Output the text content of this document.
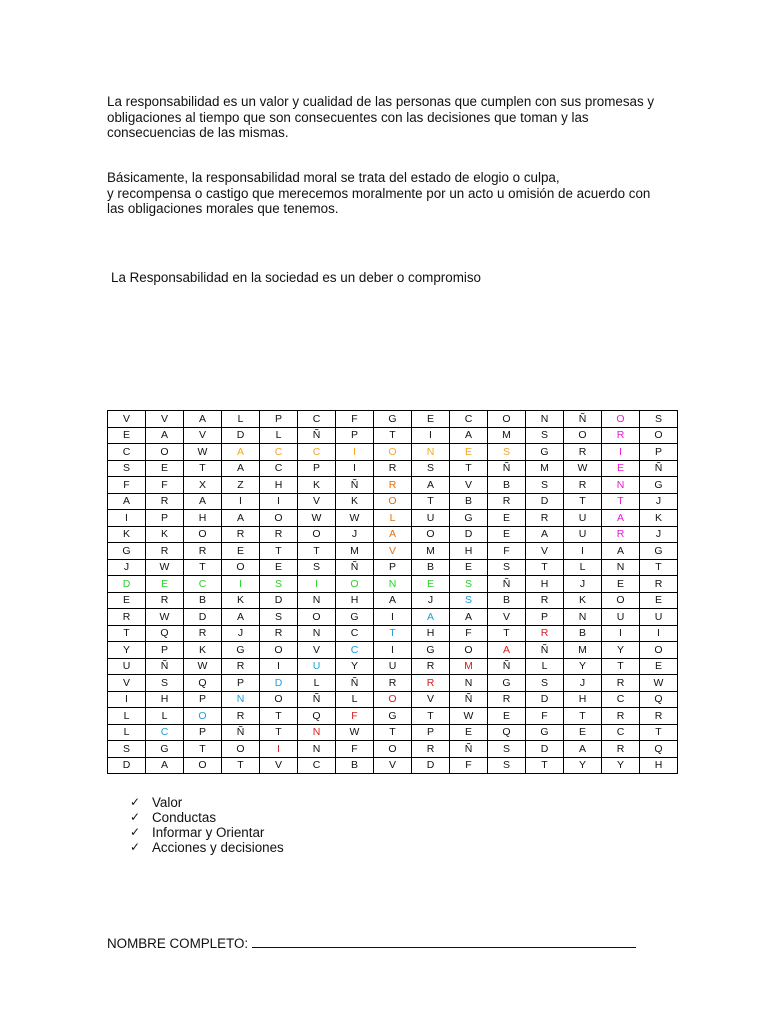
La responsabilidad es un valor y cualidad de las personas que cumplen con sus promesas y obligaciones al tiempo que son consecuentes con las decisiones que toman y las consecuencias de las mismas.

Básicamente, la responsabilidad moral se trata del estado de elogio o culpa,
y recompensa o castigo que merecemos moralmente por un acto u omisión de acuerdo con las obligaciones morales que tenemos.

La Responsabilidad en la sociedad es un deber o compromiso

V	V	A	L	P	C	F	G	E	C	O	N	Ñ	O	S
E	A	V	D	L	Ñ	P	T	I	A	M	S	O	R	O
C	O	W	A	C	C	I	O	N	E	S	G	R	I	P
S	E	T	A	C	P	I	R	S	T	Ñ	M	W	E	Ñ
F	F	X	Z	H	K	Ñ	R	A	V	B	S	R	N	G
A	R	A	I	I	V	K	O	T	B	R	D	T	T	J
I	P	H	A	O	W	W	L	U	G	E	R	U	A	K
K	K	O	R	R	O	J	A	O	D	E	A	U	R	J
G	R	R	E	T	T	M	V	M	H	F	V	I	A	G
J	W	T	O	E	S	Ñ	P	B	E	S	T	L	N	T
D	E	C	I	S	I	O	N	E	S	Ñ	H	J	E	R
E	R	B	K	D	N	H	A	J	S	B	R	K	O	E
R	W	D	A	S	O	G	I	A	A	V	P	N	U	U
T	Q	R	J	R	N	C	T	H	F	T	R	B	I	I
Y	P	K	G	O	V	C	I	G	O	A	Ñ	M	Y	O
U	Ñ	W	R	I	U	Y	U	R	M	Ñ	L	Y	T	E
V	S	Q	P	D	L	Ñ	R	R	N	G	S	J	R	W
I	H	P	N	O	Ñ	L	O	V	Ñ	R	D	H	C	Q
L	L	O	R	T	Q	F	G	T	W	E	F	T	R	R
L	C	P	Ñ	T	N	W	T	P	E	Q	G	E	C	T
S	G	T	O	I	N	F	O	R	Ñ	S	D	A	R	Q
D	A	O	T	V	C	B	V	D	F	S	T	Y	Y	H
✓ Valor
✓ Conductas
✓ Informar y Orientar
✓ Acciones y decisiones
NOMBRE COMPLETO:
